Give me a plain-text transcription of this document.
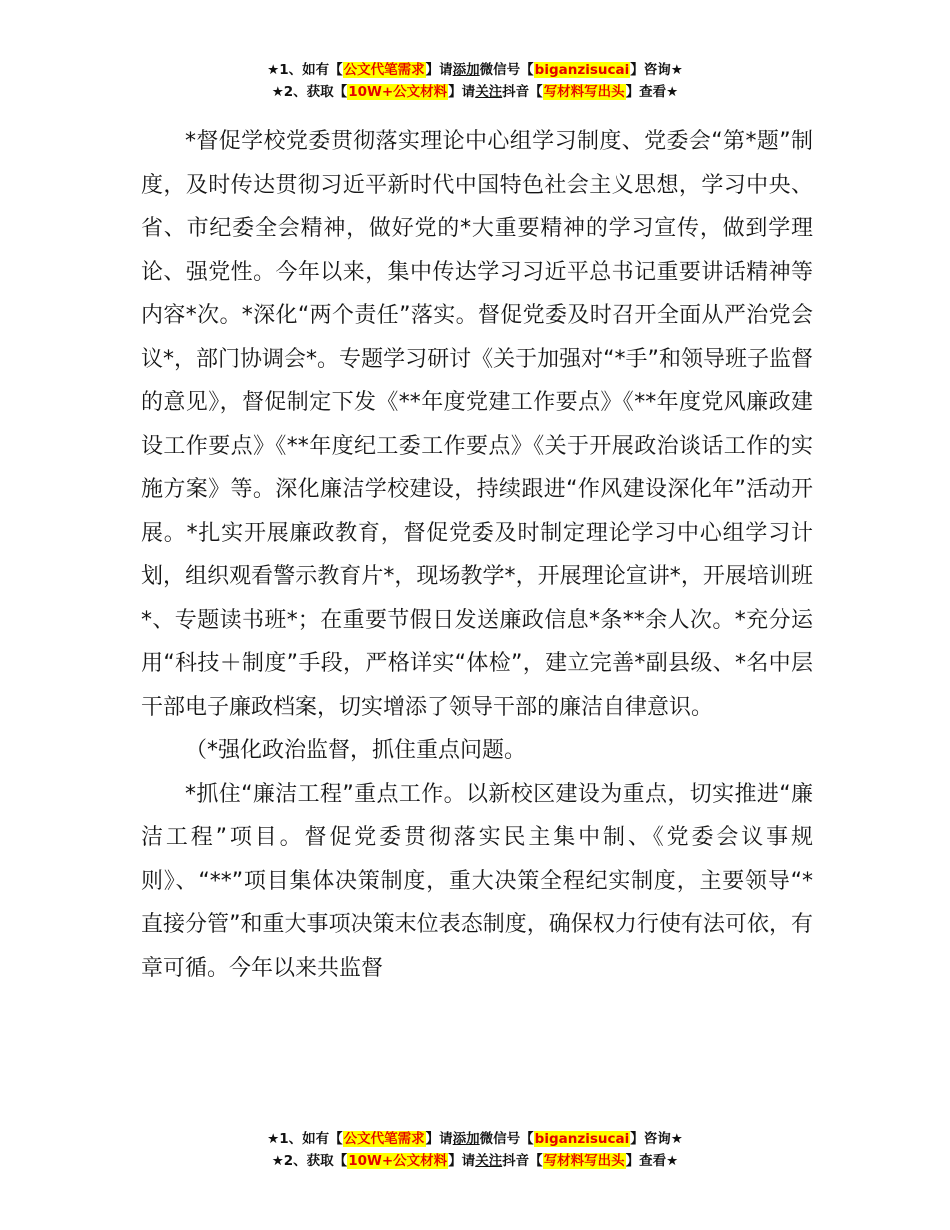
★1、如有【公文代笔需求】请添加微信号【biganzisucai】咨询★
★2、获取【10W+公文材料】请关注抖音【写材料写出头】查看★

*督促学校党委贯彻落实理论中心组学习制度、党委会“第*题”制度，及时传达贯彻习近平新时代中国特色社会主义思想，学习中央、省、市纪委全会精神，做好党的*大重要精神的学习宣传，做到学理论、强党性。今年以来，集中传达学习习近平总书记重要讲话精神等内容*次。*深化“两个责任”落实。督促党委及时召开全面从严治党会议*，部门协调会*。专题学习研讨《关于加强对“*手”和领导班子监督的意见》，督促制定下发《**年度党建工作要点》《**年度党风廉政建设工作要点》《**年度纪工委工作要点》《关于开展政治谈话工作的实施方案》等。深化廉洁学校建设，持续跟进“作风建设深化年”活动开展。*扎实开展廉政教育，督促党委及时制定理论学习中心组学习计划，组织观看警示教育片*，现场教学*，开展理论宣讲*，开展培训班*、专题读书班*；在重要节假日发送廉政信息*条**余人次。*充分运用“科技＋制度”手段，严格详实“体检”，建立完善*副县级、*名中层干部电子廉政档案，切实增添了领导干部的廉洁自律意识。

（*强化政治监督，抓住重点问题。

*抓住“廉洁工程”重点工作。以新校区建设为重点，切实推进“廉洁工程”项目。督促党委贯彻落实民主集中制、《党委会议事规则》、“**”项目集体决策制度，重大决策全程纪实制度，主要领导“*直接分管”和重大事项决策末位表态制度，确保权力行使有法可依，有章可循。今年以来共监督

★1、如有【公文代笔需求】请添加微信号【biganzisucai】咨询★
★2、获取【10W+公文材料】请关注抖音【写材料写出头】查看★
